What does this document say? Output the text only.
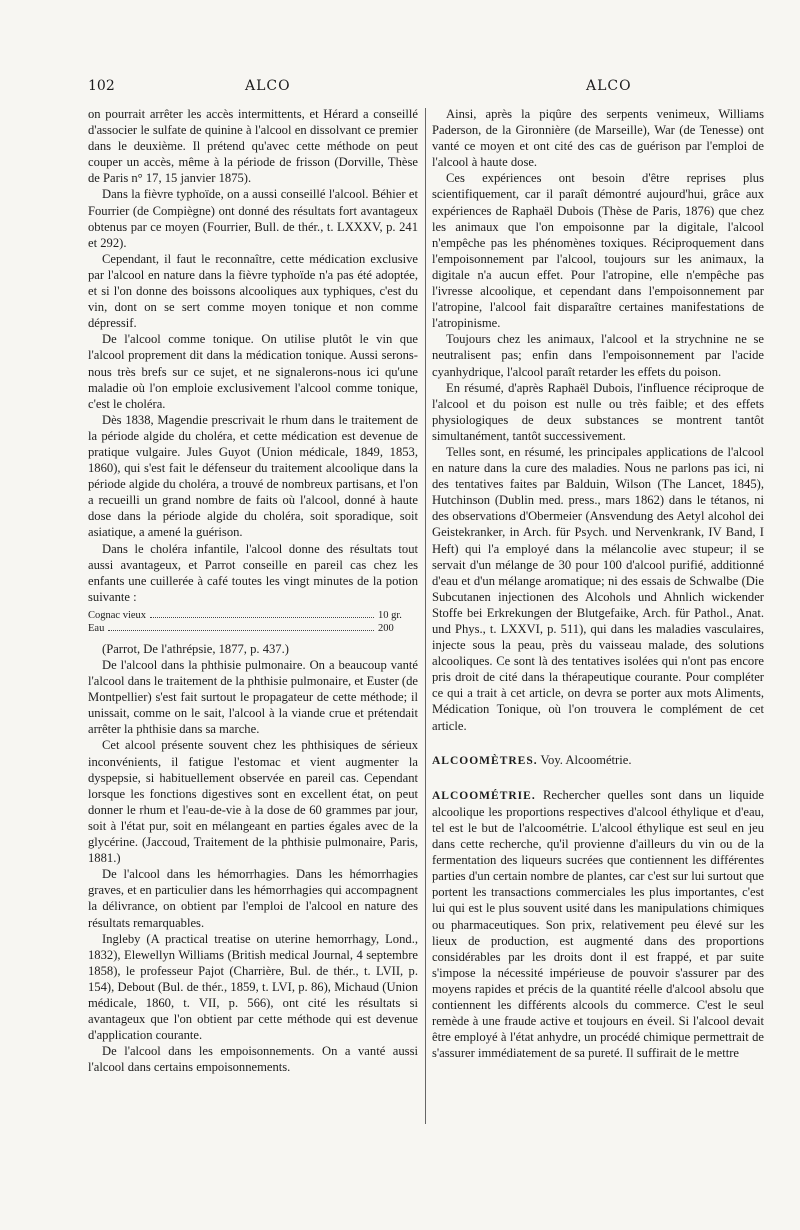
102	ALCO	ALCO

on pourrait arrêter les accès intermittents, et Hérard a conseillé d'associer le sulfate de quinine à l'alcool en dissolvant ce premier dans le deuxième. Il prétend qu'avec cette méthode on peut couper un accès, même à la période de frisson (Dorville, Thèse de Paris n° 17, 15 janvier 1875).

Dans la fièvre typhoïde, on a aussi conseillé l'alcool. Béhier et Fourrier (de Compiègne) ont donné des résultats fort avantageux obtenus par ce moyen (Fourrier, Bull. de thér., t. LXXXV, p. 241 et 292).

Cependant, il faut le reconnaître, cette médication exclusive par l'alcool en nature dans la fièvre typhoïde n'a pas été adoptée, et si l'on donne des boissons alcooliques aux typhiques, c'est du vin, dont on se sert comme moyen tonique et non comme dépressif.

De l'alcool comme tonique. On utilise plutôt le vin que l'alcool proprement dit dans la médication tonique. Aussi serons-nous très brefs sur ce sujet, et ne signalerons-nous ici qu'une maladie où l'on emploie exclusivement l'alcool comme tonique, c'est le choléra.

Dès 1838, Magendie prescrivait le rhum dans le traitement de la période algide du choléra, et cette médication est devenue de pratique vulgaire. Jules Guyot (Union médicale, 1849, 1853, 1860), qui s'est fait le défenseur du traitement alcoolique dans la période algide du choléra, a trouvé de nombreux partisans, et l'on a recueilli un grand nombre de faits où l'alcool, donné à haute dose dans la période algide du choléra, soit sporadique, soit asiatique, a amené la guérison.

Dans le choléra infantile, l'alcool donne des résultats tout aussi avantageux, et Parrot conseille en pareil cas chez les enfants une cuillerée à café toutes les vingt minutes de la potion suivante :

Cognac vieux	10 gr.
Eau	200

(Parrot, De l'athrépsie, 1877, p. 437.)

De l'alcool dans la phthisie pulmonaire. On a beaucoup vanté l'alcool dans le traitement de la phthisie pulmonaire, et Euster (de Montpellier) s'est fait surtout le propagateur de cette méthode; il unissait, comme on le sait, l'alcool à la viande crue et prétendait arrêter la phthisie dans sa marche.

Cet alcool présente souvent chez les phthisiques de sérieux inconvénients, il fatigue l'estomac et vient augmenter la dyspepsie, si habituellement observée en pareil cas. Cependant lorsque les fonctions digestives sont en excellent état, on peut donner le rhum et l'eau-de-vie à la dose de 60 grammes par jour, soit à l'état pur, soit en mélangeant en parties égales avec de la glycérine. (Jaccoud, Traitement de la phthisie pulmonaire, Paris, 1881.)

De l'alcool dans les hémorrhagies. Dans les hémorrhagies graves, et en particulier dans les hémorrhagies qui accompagnent la délivrance, on obtient par l'emploi de l'alcool en nature des résultats remarquables.

Ingleby (A practical treatise on uterine hemorrhagy, Lond., 1832), Elewellyn Williams (British medical Journal, 4 septembre 1858), le professeur Pajot (Charrière, Bul. de thér., t. LVII, p. 154), Debout (Bul. de thér., 1859, t. LVI, p. 86), Michaud (Union médicale, 1860, t. VII, p. 566), ont cité les résultats si avantageux que l'on obtient par cette méthode qui est devenue d'application courante.

De l'alcool dans les empoisonnements. On a vanté aussi l'alcool dans certains empoisonnements.

Ainsi, après la piqûre des serpents venimeux, Williams Paderson, de la Gironnière (de Marseille), War (de Tenesse) ont vanté ce moyen et ont cité des cas de guérison par l'emploi de l'alcool à haute dose.

Ces expériences ont besoin d'être reprises plus scientifiquement, car il paraît démontré aujourd'hui, grâce aux expériences de Raphaël Dubois (Thèse de Paris, 1876) que chez les animaux que l'on empoisonne par la digitale, l'alcool n'empêche pas les phénomènes toxiques. Réciproquement dans l'empoisonnement par l'alcool, toujours sur les animaux, la digitale n'a aucun effet. Pour l'atropine, elle n'empêche pas l'ivresse alcoolique, et cependant dans l'empoisonnement par l'atropine, l'alcool fait disparaître certaines manifestations de l'atropinisme.

Toujours chez les animaux, l'alcool et la strychnine ne se neutralisent pas; enfin dans l'empoisonnement par l'acide cyanhydrique, l'alcool paraît retarder les effets du poison.

En résumé, d'après Raphaël Dubois, l'influence réciproque de l'alcool et du poison est nulle ou très faible; et des effets physiologiques de deux substances se montrent tantôt simultanément, tantôt successivement.

Telles sont, en résumé, les principales applications de l'alcool en nature dans la cure des maladies. Nous ne parlons pas ici, ni des tentatives faites par Balduin, Wilson (The Lancet, 1845), Hutchinson (Dublin med. press., mars 1862) dans le tétanos, ni des observations d'Obermeier (Ansvendung des Aetyl alcohol dei Geistekranker, in Arch. für Psych. und Nervenkrank, IV Band, I Heft) qui l'a employé dans la mélancolie avec stupeur; il se servait d'un mélange de 30 pour 100 d'alcool purifié, additionné d'eau et d'un mélange aromatique; ni des essais de Schwalbe (Die Subcutanen injectionen des Alcohols und Ahnlich wickender Stoffe bei Erkrekungen der Blutgefaike, Arch. für Pathol., Anat. und Phys., t. LXXVI, p. 511), qui dans les maladies vasculaires, injecte sous la peau, près du vaisseau malade, des solutions alcooliques. Ce sont là des tentatives isolées qui n'ont pas encore pris droit de cité dans la thérapeutique courante. Pour compléter ce qui a trait à cet article, on devra se porter aux mots Aliments, Médication Tonique, où l'on trouvera le complément de cet article.

ALCOOMÈTRES. Voy. Alcoométrie.

ALCOOMÉTRIE. Rechercher quelles sont dans un liquide alcoolique les proportions respectives d'alcool éthylique et d'eau, tel est le but de l'alcoométrie. L'alcool éthylique est seul en jeu dans cette recherche, qu'il provienne d'ailleurs du vin ou de la fermentation des liqueurs sucrées que contiennent les différentes parties d'un certain nombre de plantes, car c'est sur lui surtout que portent les transactions commerciales les plus importantes, c'est lui qui est le plus souvent usité dans les manipulations chimiques ou pharmaceutiques. Son prix, relativement peu élevé sur les lieux de production, est augmenté dans des proportions considérables par les droits dont il est frappé, et par suite s'impose la nécessité impérieuse de pouvoir s'assurer par des moyens rapides et précis de la quantité réelle d'alcool absolu que contiennent les différents alcools du commerce. C'est le seul remède à une fraude active et toujours en éveil. Si l'alcool devait être employé à l'état anhydre, un procédé chimique permettrait de s'assurer immédiatement de sa pureté. Il suffirait de le mettre
